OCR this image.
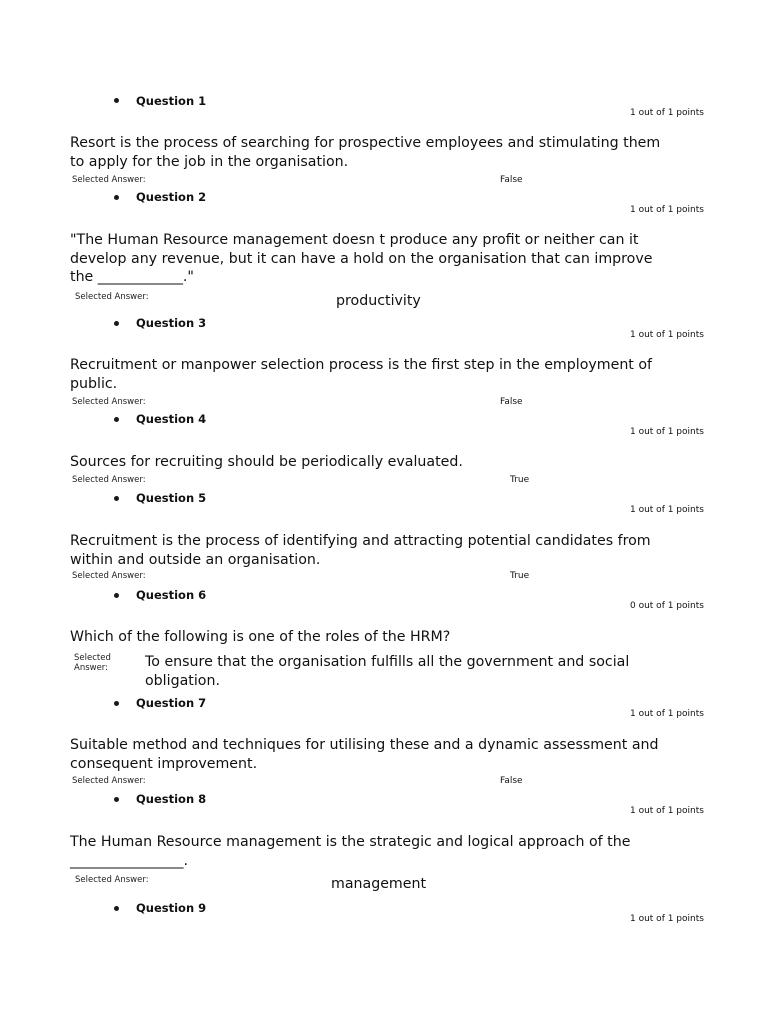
Question 1
1 out of 1 points
Resort is the process of searching for prospective employees and stimulating them to apply for the job in the organisation.
Selected Answer:	False
Question 2
1 out of 1 points
"The Human Resource management doesn t produce any profit or neither can it develop any revenue, but it can have a hold on the organisation that can improve the ____________."
Selected Answer:	productivity
Question 3
1 out of 1 points
Recruitment or manpower selection process is the first step in the employment of public.
Selected Answer:	False
Question 4
1 out of 1 points
Sources for recruiting should be periodically evaluated.
Selected Answer:	True
Question 5
1 out of 1 points
Recruitment is the process of identifying and attracting potential candidates from within and outside an organisation.
Selected Answer:	True
Question 6
0 out of 1 points
Which of the following is one of the roles of the HRM?
Selected Answer:	To ensure that the organisation fulfills all the government and social obligation.
Question 7
1 out of 1 points
Suitable method and techniques for utilising these and a dynamic assessment and consequent improvement.
Selected Answer:	False
Question 8
1 out of 1 points
The Human Resource management is the strategic and logical approach of the ________________.
Selected Answer:	management
Question 9
1 out of 1 points
